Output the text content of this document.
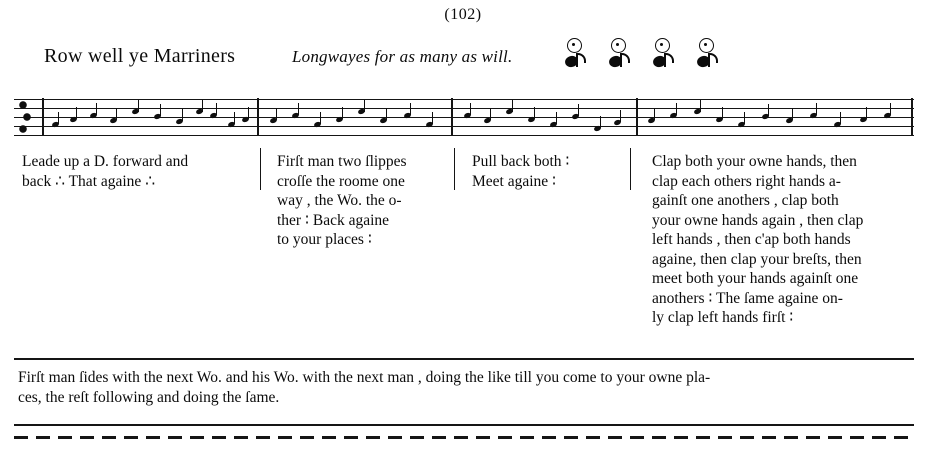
(102)
Row well ye Marriners	Longwayes for as many as will.

Leade up a D. forward and

back ∴ That againe ∴

Firſt man two ſlippes

croſſe the roome one

way , the Wo. the o-

ther ∶ Back againe

to your places ∶

Pull back both ∶

Meet againe ∶

Clap both your owne hands, then

clap each others right hands a-

gainſt one anothers , clap both

your owne hands again , then clap

left hands , then c'ap both hands

againe, then clap your breſts, then

meet both your hands againſt one

anothers ∶ The ſame againe on-

ly clap left hands firſt ∶

Firſt man ſides with the next Wo. and his Wo. with the next man , doing the like till you come to your owne pla-

ces, the reſt following and doing the ſame.
